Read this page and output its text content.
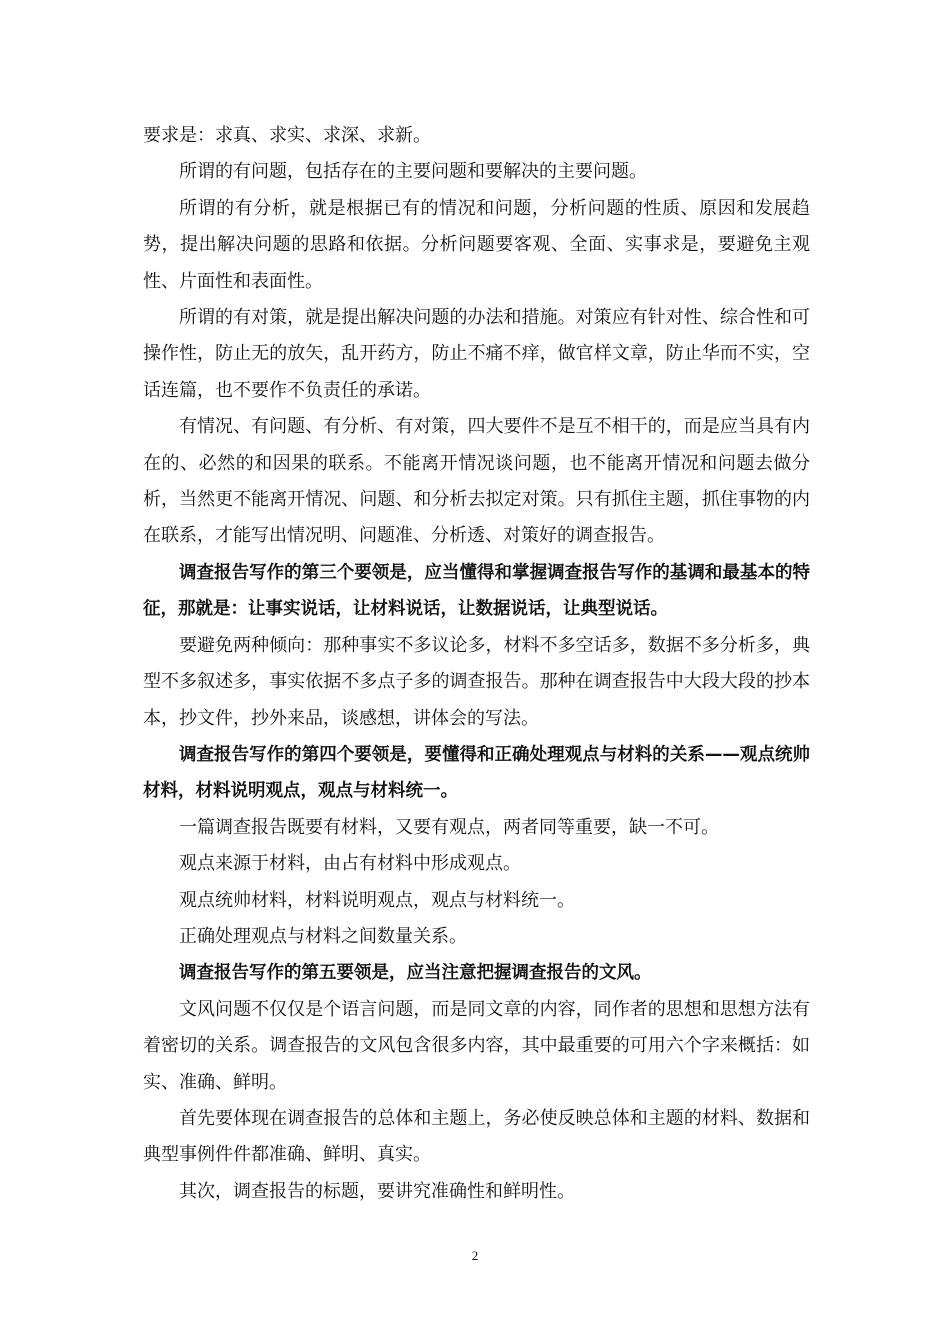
要求是：求真、求实、求深、求新。

所谓的有问题，包括存在的主要问题和要解决的主要问题。

所谓的有分析，就是根据已有的情况和问题，分析问题的性质、原因和发展趋势，提出解决问题的思路和依据。分析问题要客观、全面、实事求是，要避免主观性、片面性和表面性。

所谓的有对策，就是提出解决问题的办法和措施。对策应有针对性、综合性和可操作性，防止无的放矢，乱开药方，防止不痛不痒，做官样文章，防止华而不实，空话连篇，也不要作不负责任的承诺。

有情况、有问题、有分析、有对策，四大要件不是互不相干的，而是应当具有内在的、必然的和因果的联系。不能离开情况谈问题，也不能离开情况和问题去做分析，当然更不能离开情况、问题、和分析去拟定对策。只有抓住主题，抓住事物的内在联系，才能写出情况明、问题准、分析透、对策好的调查报告。

调查报告写作的第三个要领是，应当懂得和掌握调查报告写作的基调和最基本的特征，那就是：让事实说话，让材料说话，让数据说话，让典型说话。

要避免两种倾向：那种事实不多议论多，材料不多空话多，数据不多分析多，典型不多叙述多，事实依据不多点子多的调查报告。那种在调查报告中大段大段的抄本本，抄文件，抄外来品，谈感想，讲体会的写法。

调查报告写作的第四个要领是，要懂得和正确处理观点与材料的关系——观点统帅材料，材料说明观点，观点与材料统一。

一篇调查报告既要有材料，又要有观点，两者同等重要，缺一不可。

观点来源于材料，由占有材料中形成观点。

观点统帅材料，材料说明观点，观点与材料统一。

正确处理观点与材料之间数量关系。

调查报告写作的第五要领是，应当注意把握调查报告的文风。

文风问题不仅仅是个语言问题，而是同文章的内容，同作者的思想和思想方法有着密切的关系。调查报告的文风包含很多内容，其中最重要的可用六个字来概括：如实、准确、鲜明。

首先要体现在调查报告的总体和主题上，务必使反映总体和主题的材料、数据和典型事例件件都准确、鲜明、真实。

其次，调查报告的标题，要讲究准确性和鲜明性。

2
